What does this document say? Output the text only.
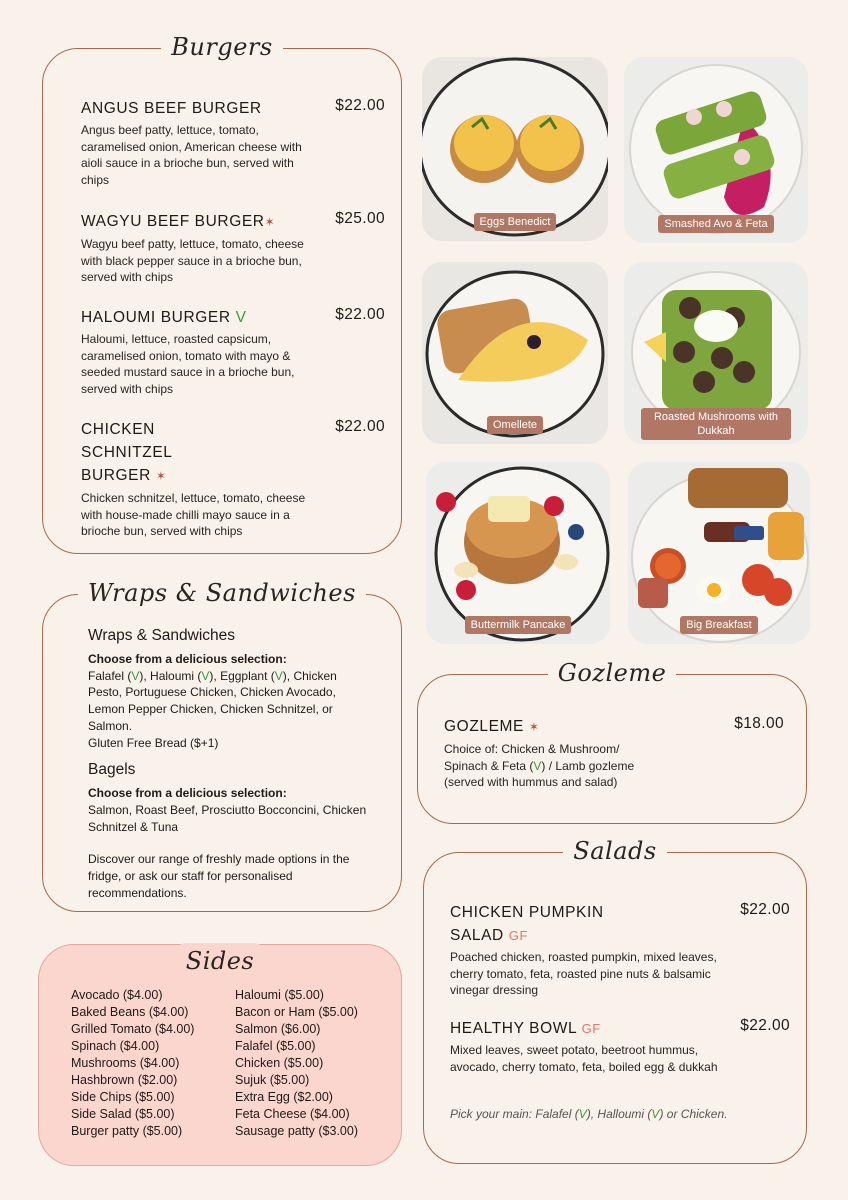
Burgers
ANGUS BEEF BURGER	$22.00
Angus beef patty, lettuce, tomato, caramelised onion, American cheese with aioli sauce in a brioche bun, served with chips
WAGYU BEEF BURGER✶	$25.00
Wagyu beef patty, lettuce, tomato, cheese with black pepper sauce in a brioche bun, served with chips
HALOUMI BURGER V	$22.00
Haloumi, lettuce, roasted capsicum, caramelised onion, tomato with mayo & seeded mustard sauce in a brioche bun, served with chips
CHICKEN SCHNITZEL BURGER ✶
$22.00
Chicken schnitzel, lettuce, tomato, cheese with house-made chilli mayo sauce in a brioche bun, served with chips
Wraps & Sandwiches
Wraps & Sandwiches
Choose from a delicious selection:
Falafel (V), Haloumi (V), Eggplant (V), Chicken Pesto, Portuguese Chicken, Chicken Avocado, Lemon Pepper Chicken, Chicken Schnitzel, or Salmon.
Gluten Free Bread ($+1)
Bagels
Choose from a delicious selection:
Salmon, Roast Beef, Prosciutto Bocconcini, Chicken Schnitzel & Tuna
Discover our range of freshly made options in the fridge, or ask our staff for personalised recommendations.
Sides
Avocado ($4.00)
Baked Beans ($4.00)
Grilled Tomato ($4.00)
Spinach ($4.00)
Mushrooms ($4.00)
Hashbrown ($2.00)
Side Chips ($5.00)
Side Salad ($5.00)
Burger patty ($5.00)
Haloumi ($5.00)
Bacon or Ham ($5.00)
Salmon ($6.00)
Falafel ($5.00)
Chicken ($5.00)
Sujuk ($5.00)
Extra Egg ($2.00)
Feta Cheese ($4.00)
Sausage patty ($3.00)
Eggs Benedict	Smashed Avo & Feta
Omellete
Roasted Mushrooms with Dukkah
Buttermilk Pancake	Big Breakfast
Gozleme
GOZLEME ✶	$18.00
Choice of: Chicken & Mushroom/ Spinach & Feta (V) / Lamb gozleme (served with hummus and salad)
Salads
CHICKEN PUMPKIN SALAD GF
$22.00
Poached chicken, roasted pumpkin, mixed leaves, cherry tomato, feta, roasted pine nuts & balsamic vinegar dressing
HEALTHY BOWL GF	$22.00
Mixed leaves, sweet potato, beetroot hummus, avocado, cherry tomato, feta, boiled egg & dukkah
Pick your main: Falafel (V), Halloumi (V) or Chicken.
